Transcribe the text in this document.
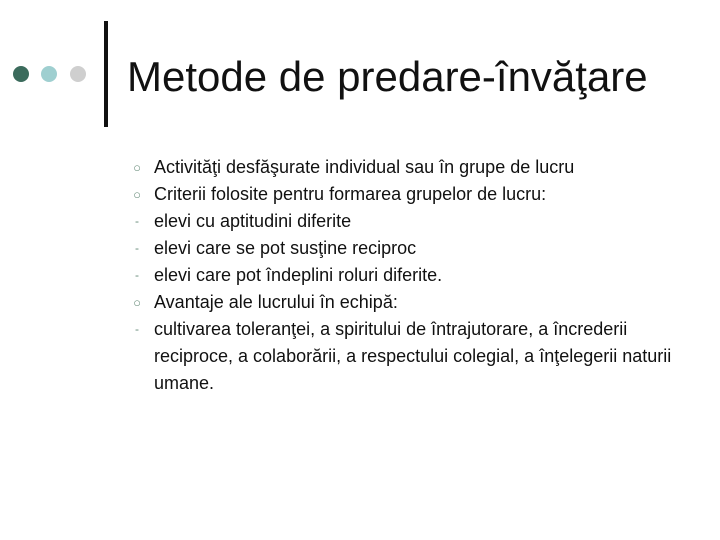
Metode de predare-învăţare
○ Activităţi desfăşurate individual sau în grupe de lucru
○ Criterii folosite pentru formarea grupelor de lucru:
- elevi cu aptitudini diferite
- elevi care se pot susţine reciproc
- elevi care pot îndeplini roluri diferite.
○ Avantaje ale lucrului în echipă:
- cultivarea toleranţei, a spiritului de întrajutorare, a încrederii reciproce, a colaborării, a respectului colegial, a înţelegerii naturii umane.
